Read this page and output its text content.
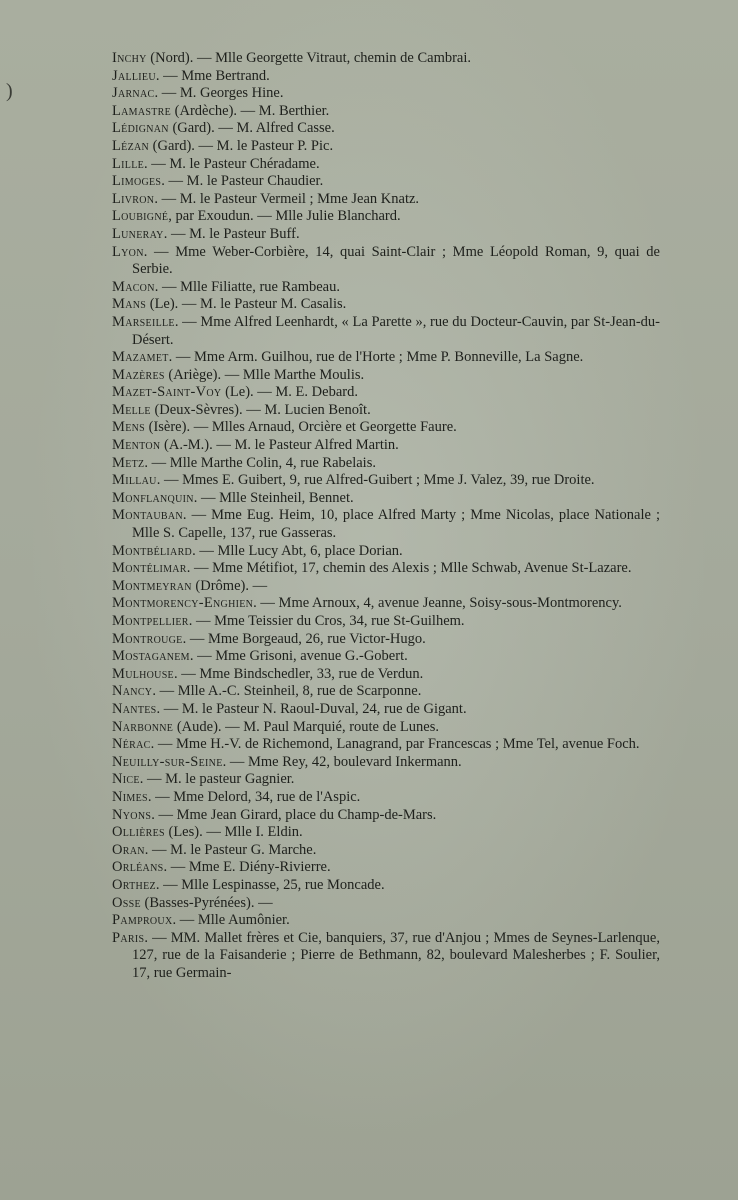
)

Inchy (Nord). — Mlle Georgette Vitraut, chemin de Cambrai.

Jallieu. — Mme Bertrand.

Jarnac. — M. Georges Hine.

Lamastre (Ardèche). — M. Berthier.

Lédignan (Gard). — M. Alfred Casse.

Lézan (Gard). — M. le Pasteur P. Pic.

Lille. — M. le Pasteur Chéradame.

Limoges. — M. le Pasteur Chaudier.

Livron. — M. le Pasteur Vermeil ; Mme Jean Knatz.

Loubigné, par Exoudun. — Mlle Julie Blanchard.

Luneray. — M. le Pasteur Buff.

Lyon. — Mme Weber-Corbière, 14, quai Saint-Clair ; Mme Léopold Roman, 9, quai de Serbie.

Macon. — Mlle Filiatte, rue Rambeau.

Mans (Le). — M. le Pasteur M. Casalis.

Marseille. — Mme Alfred Leenhardt, « La Parette », rue du Docteur-Cauvin, par St-Jean-du-Désert.

Mazamet. — Mme Arm. Guilhou, rue de l'Horte ; Mme P. Bonneville, La Sagne.

Mazères (Ariège). — Mlle Marthe Moulis.

Mazet-Saint-Voy (Le). — M. E. Debard.

Melle (Deux-Sèvres). — M. Lucien Benoît.

Mens (Isère). — Mlles Arnaud, Orcière et Georgette Faure.

Menton (A.-M.). — M. le Pasteur Alfred Martin.

Metz. — Mlle Marthe Colin, 4, rue Rabelais.

Millau. — Mmes E. Guibert, 9, rue Alfred-Guibert ; Mme J. Valez, 39, rue Droite.

Monflanquin. — Mlle Steinheil, Bennet.

Montauban. — Mme Eug. Heim, 10, place Alfred Marty ; Mme Nicolas, place Nationale ; Mlle S. Capelle, 137, rue Gasseras.

Montbéliard. — Mlle Lucy Abt, 6, place Dorian.

Montélimar. — Mme Métifiot, 17, chemin des Alexis ; Mlle Schwab, Avenue St-Lazare.

Montmeyran (Drôme). —

Montmorency-Enghien. — Mme Arnoux, 4, avenue Jeanne, Soisy-sous-Montmorency.

Montpellier. — Mme Teissier du Cros, 34, rue St-Guilhem.

Montrouge. — Mme Borgeaud, 26, rue Victor-Hugo.

Mostaganem. — Mme Grisoni, avenue G.-Gobert.

Mulhouse. — Mme Bindschedler, 33, rue de Verdun.

Nancy. — Mlle A.-C. Steinheil, 8, rue de Scarponne.

Nantes. — M. le Pasteur N. Raoul-Duval, 24, rue de Gigant.

Narbonne (Aude). — M. Paul Marquié, route de Lunes.

Nérac. — Mme H.-V. de Richemond, Lanagrand, par Francescas ; Mme Tel, avenue Foch.

Neuilly-sur-Seine. — Mme Rey, 42, boulevard Inkermann.

Nice. — M. le pasteur Gagnier.

Nimes. — Mme Delord, 34, rue de l'Aspic.

Nyons. — Mme Jean Girard, place du Champ-de-Mars.

Ollières (Les). — Mlle I. Eldin.

Oran. — M. le Pasteur G. Marche.

Orléans. — Mme E. Diény-Rivierre.

Orthez. — Mlle Lespinasse, 25, rue Moncade.

Osse (Basses-Pyrénées). —

Pamproux. — Mlle Aumônier.

Paris. — MM. Mallet frères et Cie, banquiers, 37, rue d'Anjou ; Mmes de Seynes-Larlenque, 127, rue de la Faisanderie ; Pierre de Bethmann, 82, boulevard Malesherbes ; F. Soulier, 17, rue Germain-
